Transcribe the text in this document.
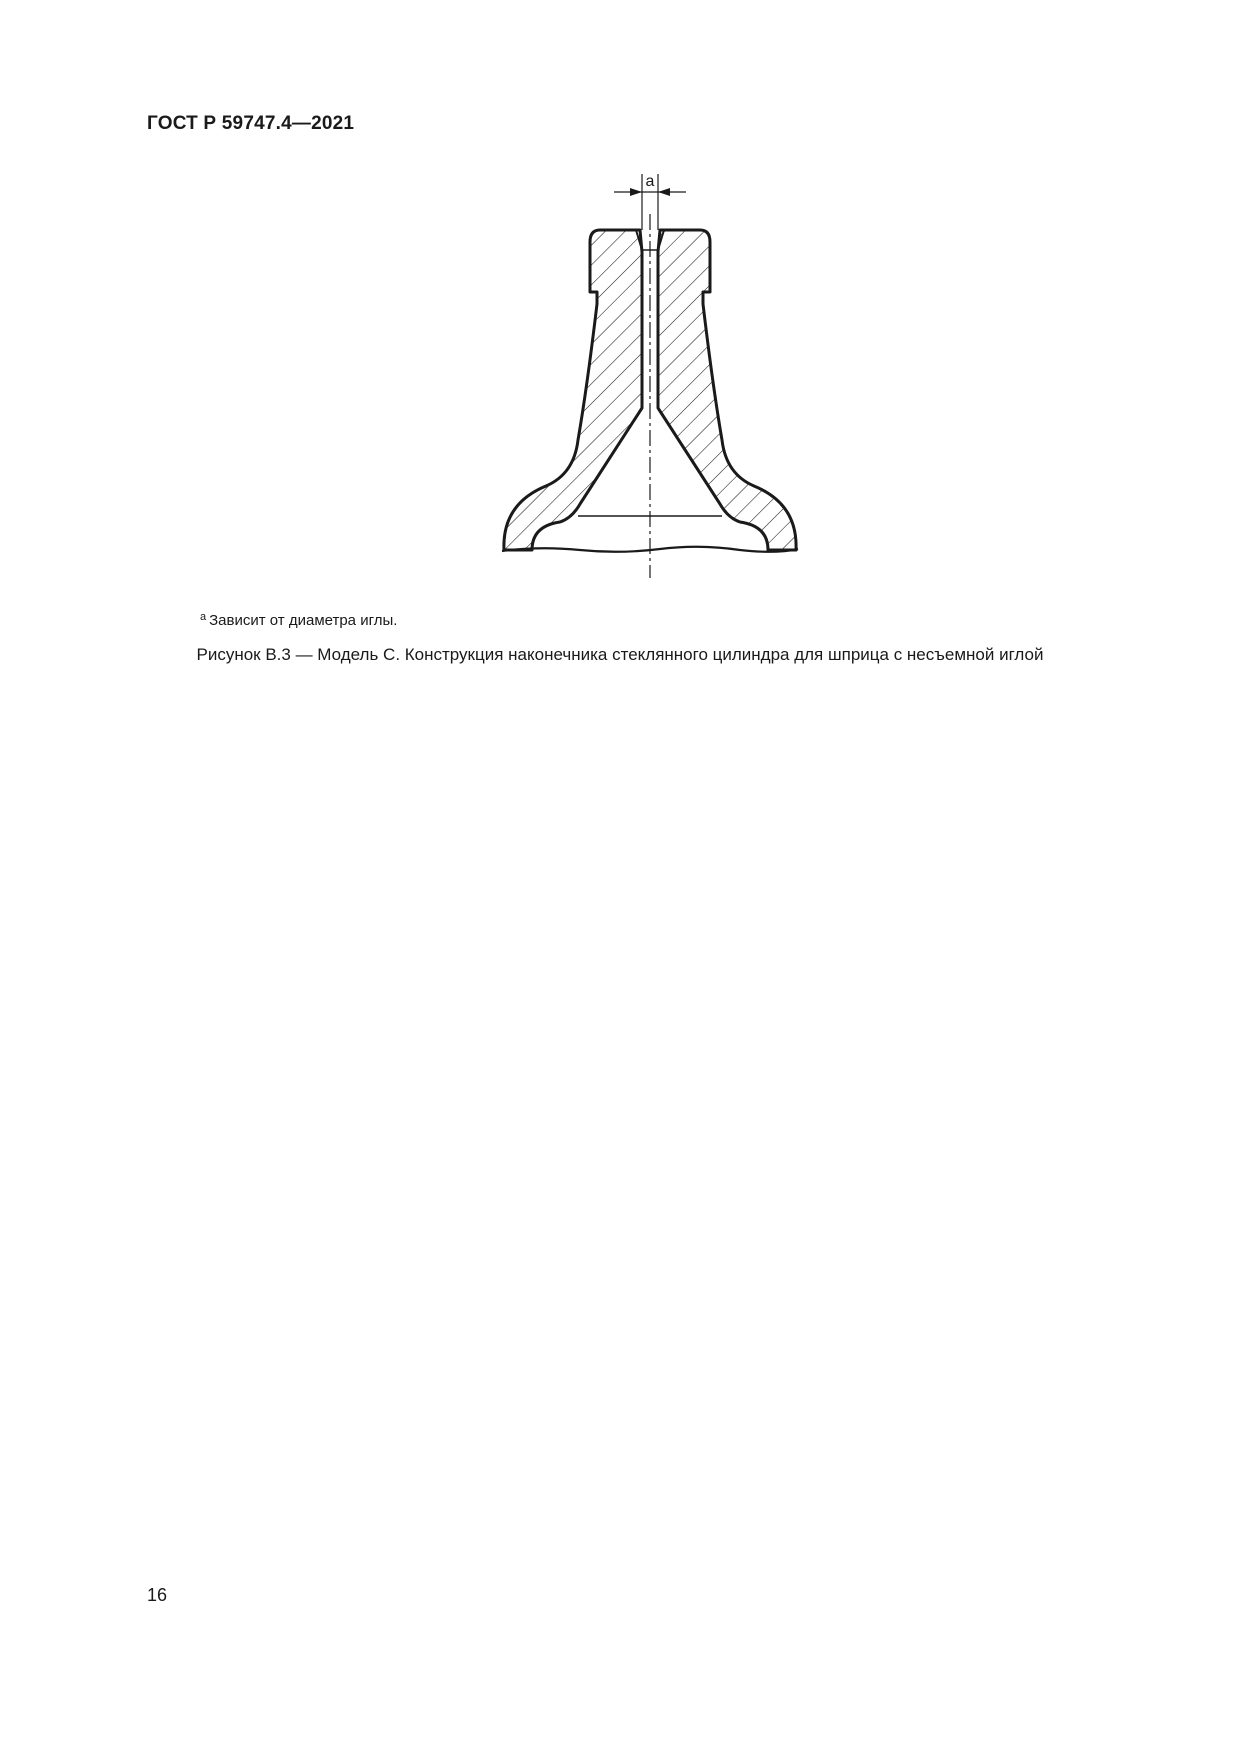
ГОСТ Р 59747.4—2021
a
$^a$ Зависит от диаметра иглы.
Рисунок В.3 — Модель С. Конструкция наконечника стеклянного цилиндра для шприца с несъемной иглой
16
